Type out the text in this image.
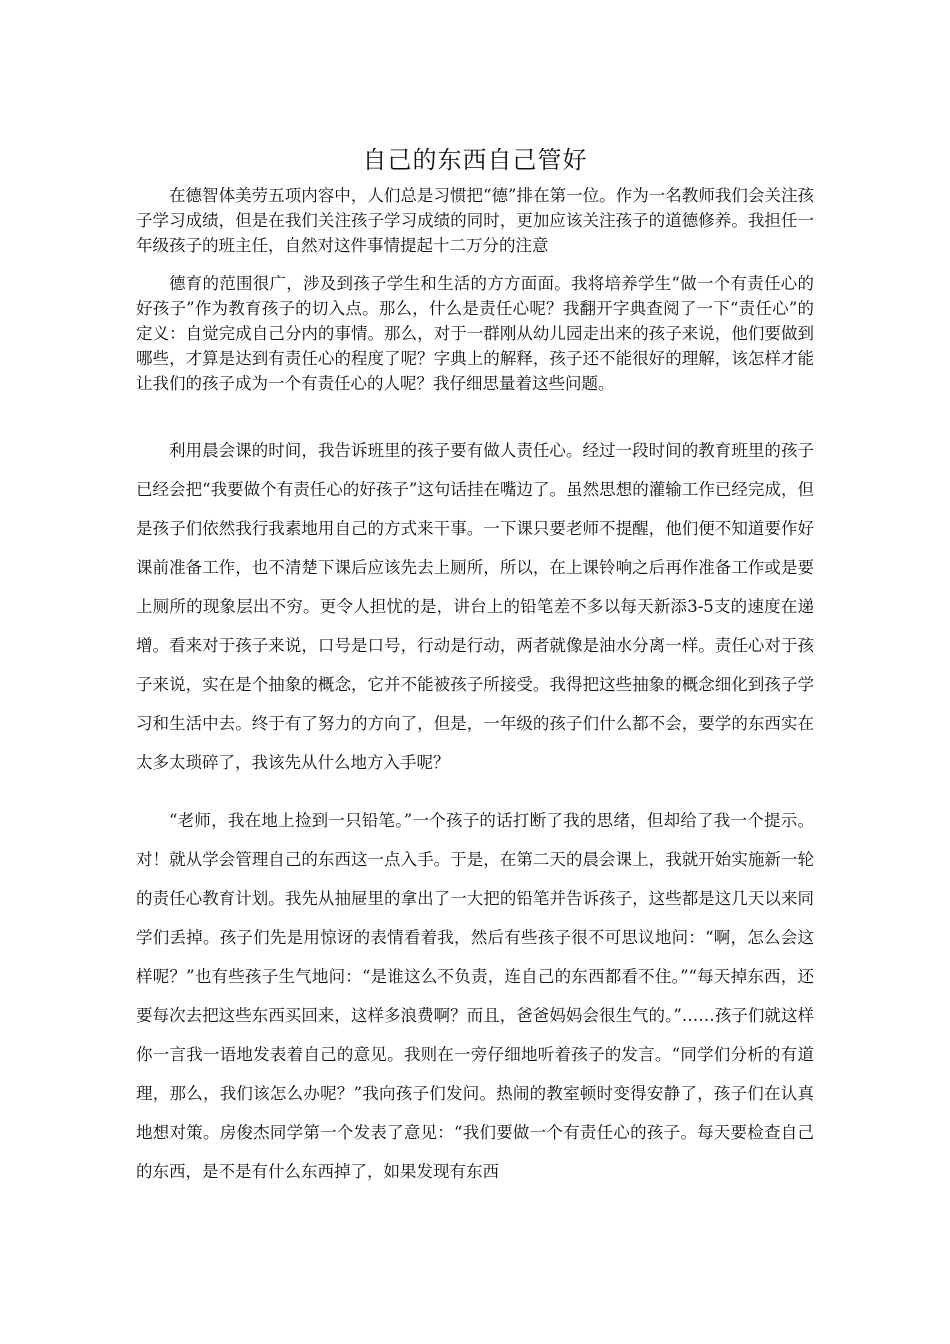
自己的东西自己管好

在德智体美劳五项内容中，人们总是习惯把“德”排在第一位。作为一名教师我们会关注孩子学习成绩，但是在我们关注孩子学习成绩的同时，更加应该关注孩子的道德修养。我担任一年级孩子的班主任，自然对这件事情提起十二万分的注意

德育的范围很广，涉及到孩子学生和生活的方方面面。我将培养学生“做一个有责任心的好孩子”作为教育孩子的切入点。那么，什么是责任心呢？我翻开字典查阅了一下“责任心”的定义：自觉完成自己分内的事情。那么，对于一群刚从幼儿园走出来的孩子来说，他们要做到哪些，才算是达到有责任心的程度了呢？字典上的解释，孩子还不能很好的理解，该怎样才能让我们的孩子成为一个有责任心的人呢？我仔细思量着这些问题。

利用晨会课的时间，我告诉班里的孩子要有做人责任心。经过一段时间的教育班里的孩子已经会把“我要做个有责任心的好孩子”这句话挂在嘴边了。虽然思想的灌输工作已经完成，但是孩子们依然我行我素地用自己的方式来干事。一下课只要老师不提醒，他们便不知道要作好课前准备工作，也不清楚下课后应该先去上厕所，所以，在上课铃响之后再作准备工作或是要上厕所的现象层出不穷。更令人担忧的是，讲台上的铅笔差不多以每天新添3-5支的速度在递增。看来对于孩子来说，口号是口号，行动是行动，两者就像是油水分离一样。责任心对于孩子来说，实在是个抽象的概念，它并不能被孩子所接受。我得把这些抽象的概念细化到孩子学习和生活中去。终于有了努力的方向了，但是，一年级的孩子们什么都不会，要学的东西实在太多太琐碎了，我该先从什么地方入手呢？

“老师，我在地上捡到一只铅笔。”一个孩子的话打断了我的思绪，但却给了我一个提示。对！就从学会管理自己的东西这一点入手。于是，在第二天的晨会课上，我就开始实施新一轮的责任心教育计划。我先从抽屉里的拿出了一大把的铅笔并告诉孩子，这些都是这几天以来同学们丢掉。孩子们先是用惊讶的表情看着我，然后有些孩子很不可思议地问：“啊，怎么会这样呢？”也有些孩子生气地问：“是谁这么不负责，连自己的东西都看不住。”“每天掉东西，还要每次去把这些东西买回来，这样多浪费啊？而且，爸爸妈妈会很生气的。”……孩子们就这样你一言我一语地发表着自己的意见。我则在一旁仔细地听着孩子的发言。“同学们分析的有道理，那么，我们该怎么办呢？”我向孩子们发问。热闹的教室顿时变得安静了，孩子们在认真地想对策。房俊杰同学第一个发表了意见：“我们要做一个有责任心的孩子。每天要检查自己的东西，是不是有什么东西掉了，如果发现有东西
